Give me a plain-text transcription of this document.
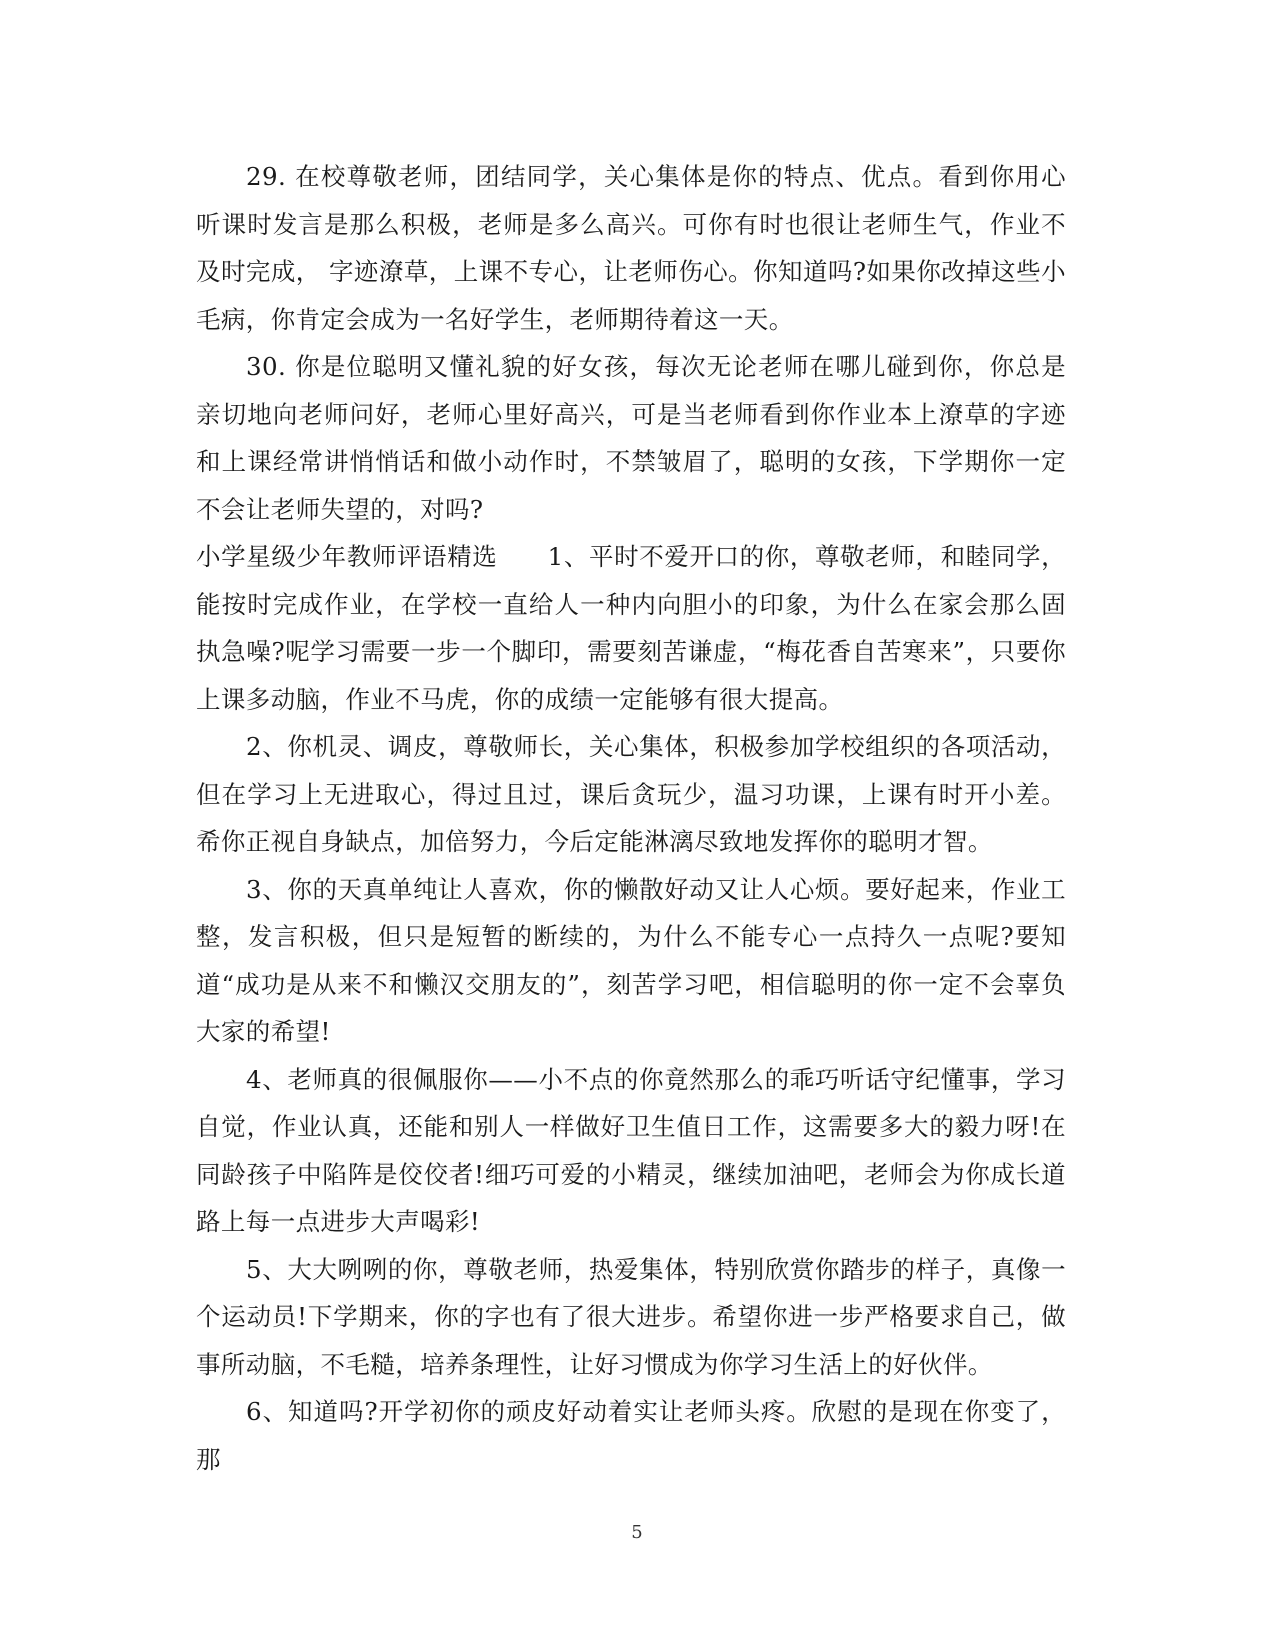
29. 在校尊敬老师，团结同学，关心集体是你的特点、优点。看到你用心听课时发言是那么积极，老师是多么高兴。可你有时也很让老师生气，作业不及时完成， 字迹潦草，上课不专心，让老师伤心。你知道吗?如果你改掉这些小毛病，你肯定会成为一名好学生，老师期待着这一天。

30. 你是位聪明又懂礼貌的好女孩，每次无论老师在哪儿碰到你，你总是亲切地向老师问好，老师心里好高兴，可是当老师看到你作业本上潦草的字迹和上课经常讲悄悄话和做小动作时，不禁皱眉了，聪明的女孩，下学期你一定不会让老师失望的，对吗?

小学星级少年教师评语精选　　1、平时不爱开口的你，尊敬老师，和睦同学，能按时完成作业，在学校一直给人一种内向胆小的印象，为什么在家会那么固执急噪?呢学习需要一步一个脚印，需要刻苦谦虚，“梅花香自苦寒来”，只要你上课多动脑，作业不马虎，你的成绩一定能够有很大提高。

2、你机灵、调皮，尊敬师长，关心集体，积极参加学校组织的各项活动，但在学习上无进取心，得过且过，课后贪玩少，温习功课，上课有时开小差。希你正视自身缺点，加倍努力，今后定能淋漓尽致地发挥你的聪明才智。

3、你的天真单纯让人喜欢，你的懒散好动又让人心烦。要好起来，作业工整，发言积极，但只是短暂的断续的，为什么不能专心一点持久一点呢?要知道“成功是从来不和懒汉交朋友的”，刻苦学习吧，相信聪明的你一定不会辜负大家的希望!

4、老师真的很佩服你——小不点的你竟然那么的乖巧听话守纪懂事，学习自觉，作业认真，还能和别人一样做好卫生值日工作，这需要多大的毅力呀!在同龄孩子中陷阵是佼佼者!细巧可爱的小精灵，继续加油吧，老师会为你成长道路上每一点进步大声喝彩!

5、大大咧咧的你，尊敬老师，热爱集体，特别欣赏你踏步的样子，真像一个运动员!下学期来，你的字也有了很大进步。希望你进一步严格要求自己，做事所动脑，不毛糙，培养条理性，让好习惯成为你学习生活上的好伙伴。

6、知道吗?开学初你的顽皮好动着实让老师头疼。欣慰的是现在你变了，那

5
